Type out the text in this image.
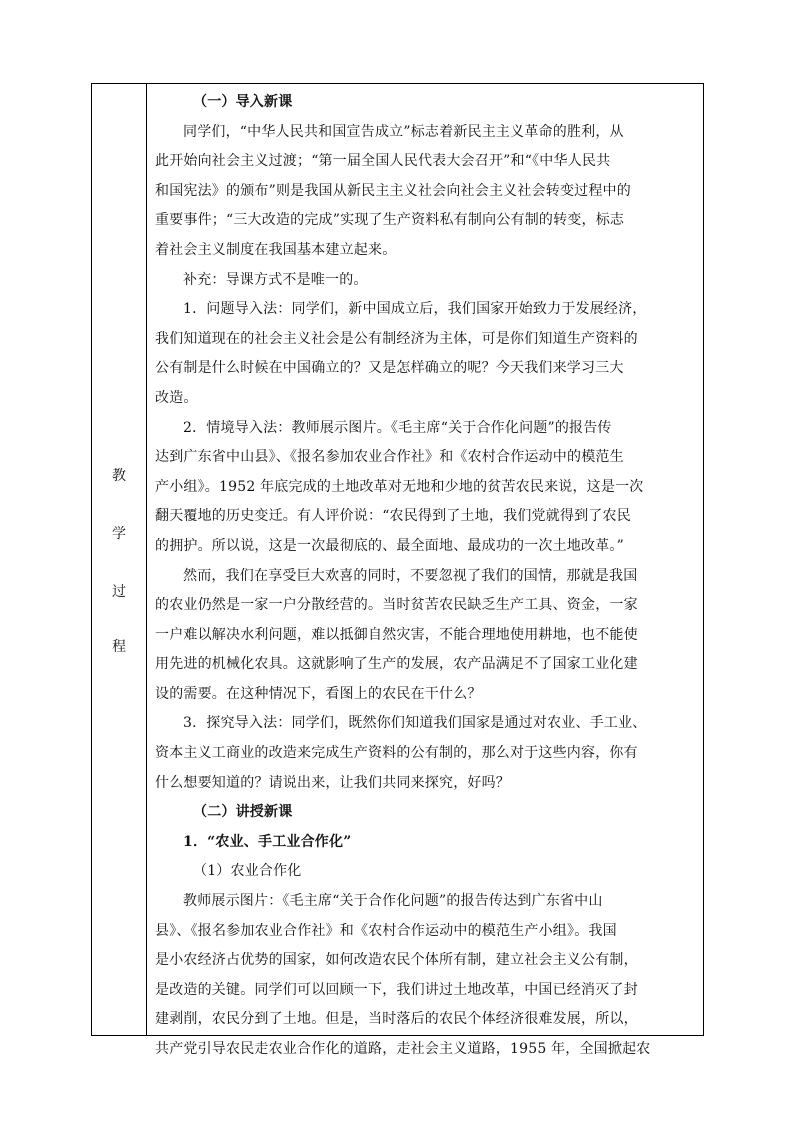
教
学
过
程
（一）导入新课
同学们，“中华人民共和国宣告成立”标志着新民主主义革命的胜利，从
此开始向社会主义过渡；“第一届全国人民代表大会召开”和“《中华人民共
和国宪法》的颁布”则是我国从新民主主义社会向社会主义社会转变过程中的
重要事件；“三大改造的完成”实现了生产资料私有制向公有制的转变，标志
着社会主义制度在我国基本建立起来。
补充：导课方式不是唯一的。
1．问题导入法：同学们，新中国成立后，我们国家开始致力于发展经济，
我们知道现在的社会主义社会是公有制经济为主体，可是你们知道生产资料的
公有制是什么时候在中国确立的？又是怎样确立的呢？今天我们来学习三大
改造。
2．情境导入法：教师展示图片。《毛主席“关于合作化问题”的报告传
达到广东省中山县》、《报名参加农业合作社》和《农村合作运动中的模范生
产小组》。1952 年底完成的土地改革对无地和少地的贫苦农民来说，这是一次
翻天覆地的历史变迁。有人评价说：“农民得到了土地，我们党就得到了农民
的拥护。所以说，这是一次最彻底的、最全面地、最成功的一次土地改革。”
然而，我们在享受巨大欢喜的同时，不要忽视了我们的国情，那就是我国
的农业仍然是一家一户分散经营的。当时贫苦农民缺乏生产工具、资金，一家
一户难以解决水利问题，难以抵御自然灾害，不能合理地使用耕地，也不能使
用先进的机械化农具。这就影响了生产的发展，农产品满足不了国家工业化建
设的需要。在这种情况下，看图上的农民在干什么？
3．探究导入法：同学们，既然你们知道我们国家是通过对农业、手工业、
资本主义工商业的改造来完成生产资料的公有制的，那么对于这些内容，你有
什么想要知道的？请说出来，让我们共同来探究，好吗？
（二）讲授新课
1．“农业、手工业合作化”
（1）农业合作化
教师展示图片：《毛主席“关于合作化问题”的报告传达到广东省中山
县》、《报名参加农业合作社》和《农村合作运动中的模范生产小组》。我国
是小农经济占优势的国家，如何改造农民个体所有制，建立社会主义公有制，
是改造的关键。同学们可以回顾一下，我们讲过土地改革，中国已经消灭了封
建剥削，农民分到了土地。但是，当时落后的农民个体经济很难发展，所以，
共产党引导农民走农业合作化的道路，走社会主义道路，1955 年，全国掀起农
